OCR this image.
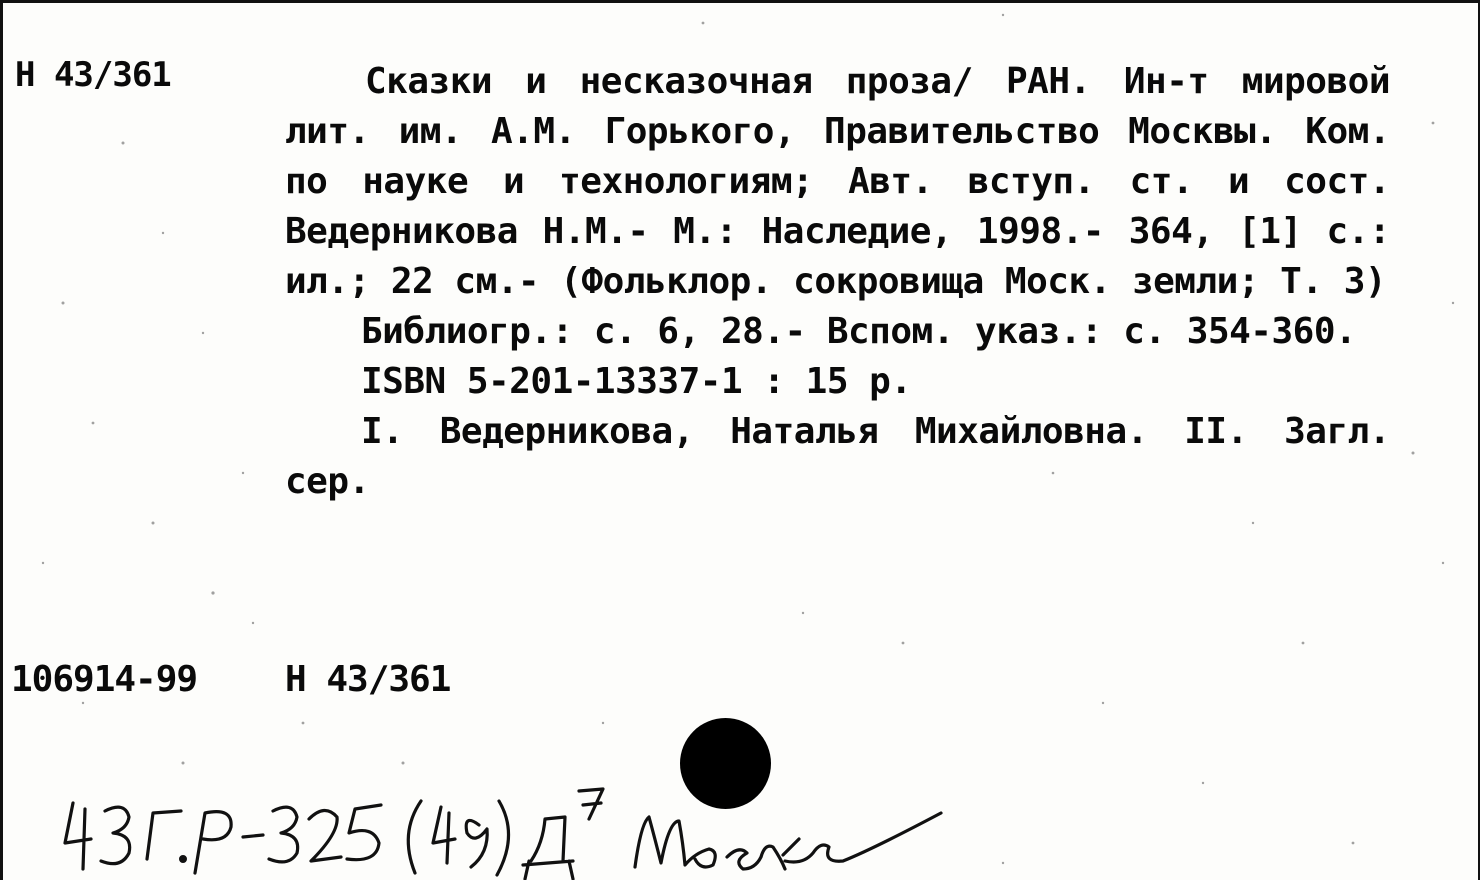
Н 43/361	Сказки и несказочная проза/ РАН. Ин-т мировой лит. им. А.М. Горького, Правительство Москвы. Ком. по науке и технологиям; Авт. вступ. ст. и сост. Ведерникова Н.М.- М.: Наследие, 1998.- 364, [1] с.: ил.; 22 см.- (Фольклор. сокровища Моск. земли; Т. 3)

Библиогр.: с. 6, 28.- Вспом. указ.: с. 354-360.

ISBN 5-201-13337-1 : 15 р.

I. Ведерникова, Наталья Михайловна. II. Загл. сер.

106914-99 Н 43/361
